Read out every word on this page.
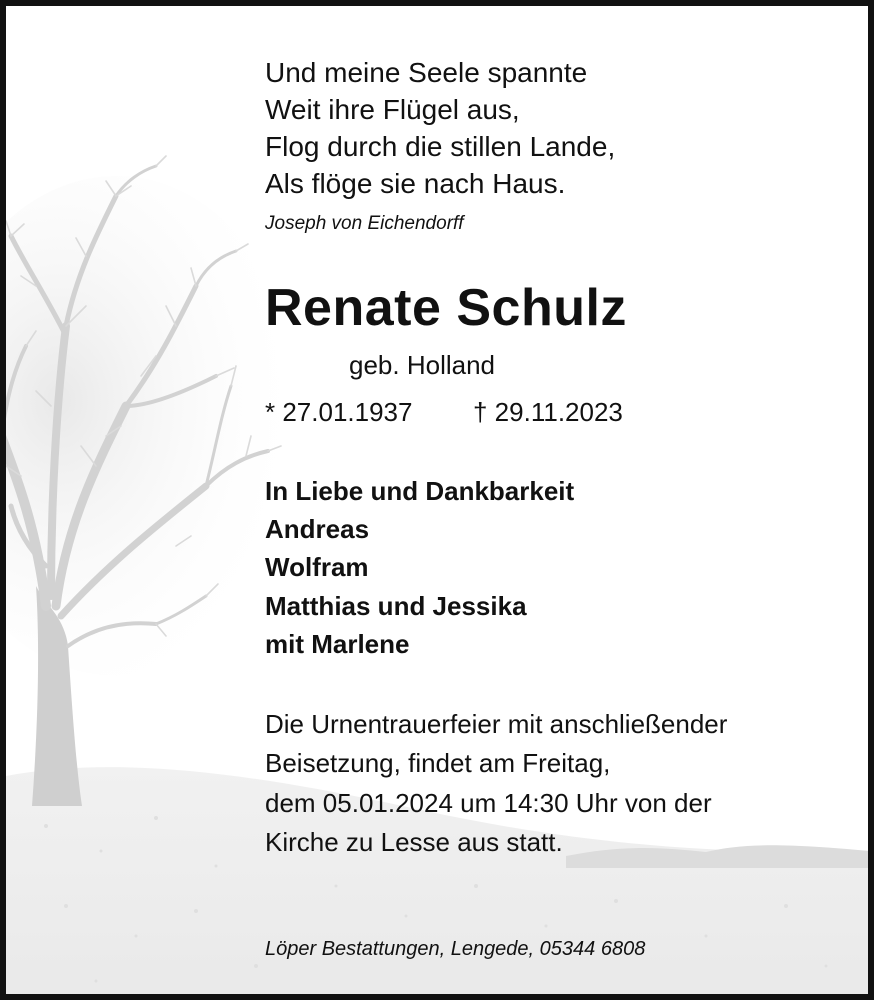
Und meine Seele spannte
Weit ihre Flügel aus,
Flog durch die stillen Lande,
Als flöge sie nach Haus.
Joseph von Eichendorff
Renate Schulz
geb. Holland
* 27.01.1937 † 29.11.2023
In Liebe und Dankbarkeit
Andreas
Wolfram
Matthias und Jessika
mit Marlene
Die Urnentrauerfeier mit anschließender
Beisetzung, findet am Freitag,
dem 05.01.2024 um 14:30 Uhr von der
Kirche zu Lesse aus statt.
Löper Bestattungen, Lengede, 05344 6808
